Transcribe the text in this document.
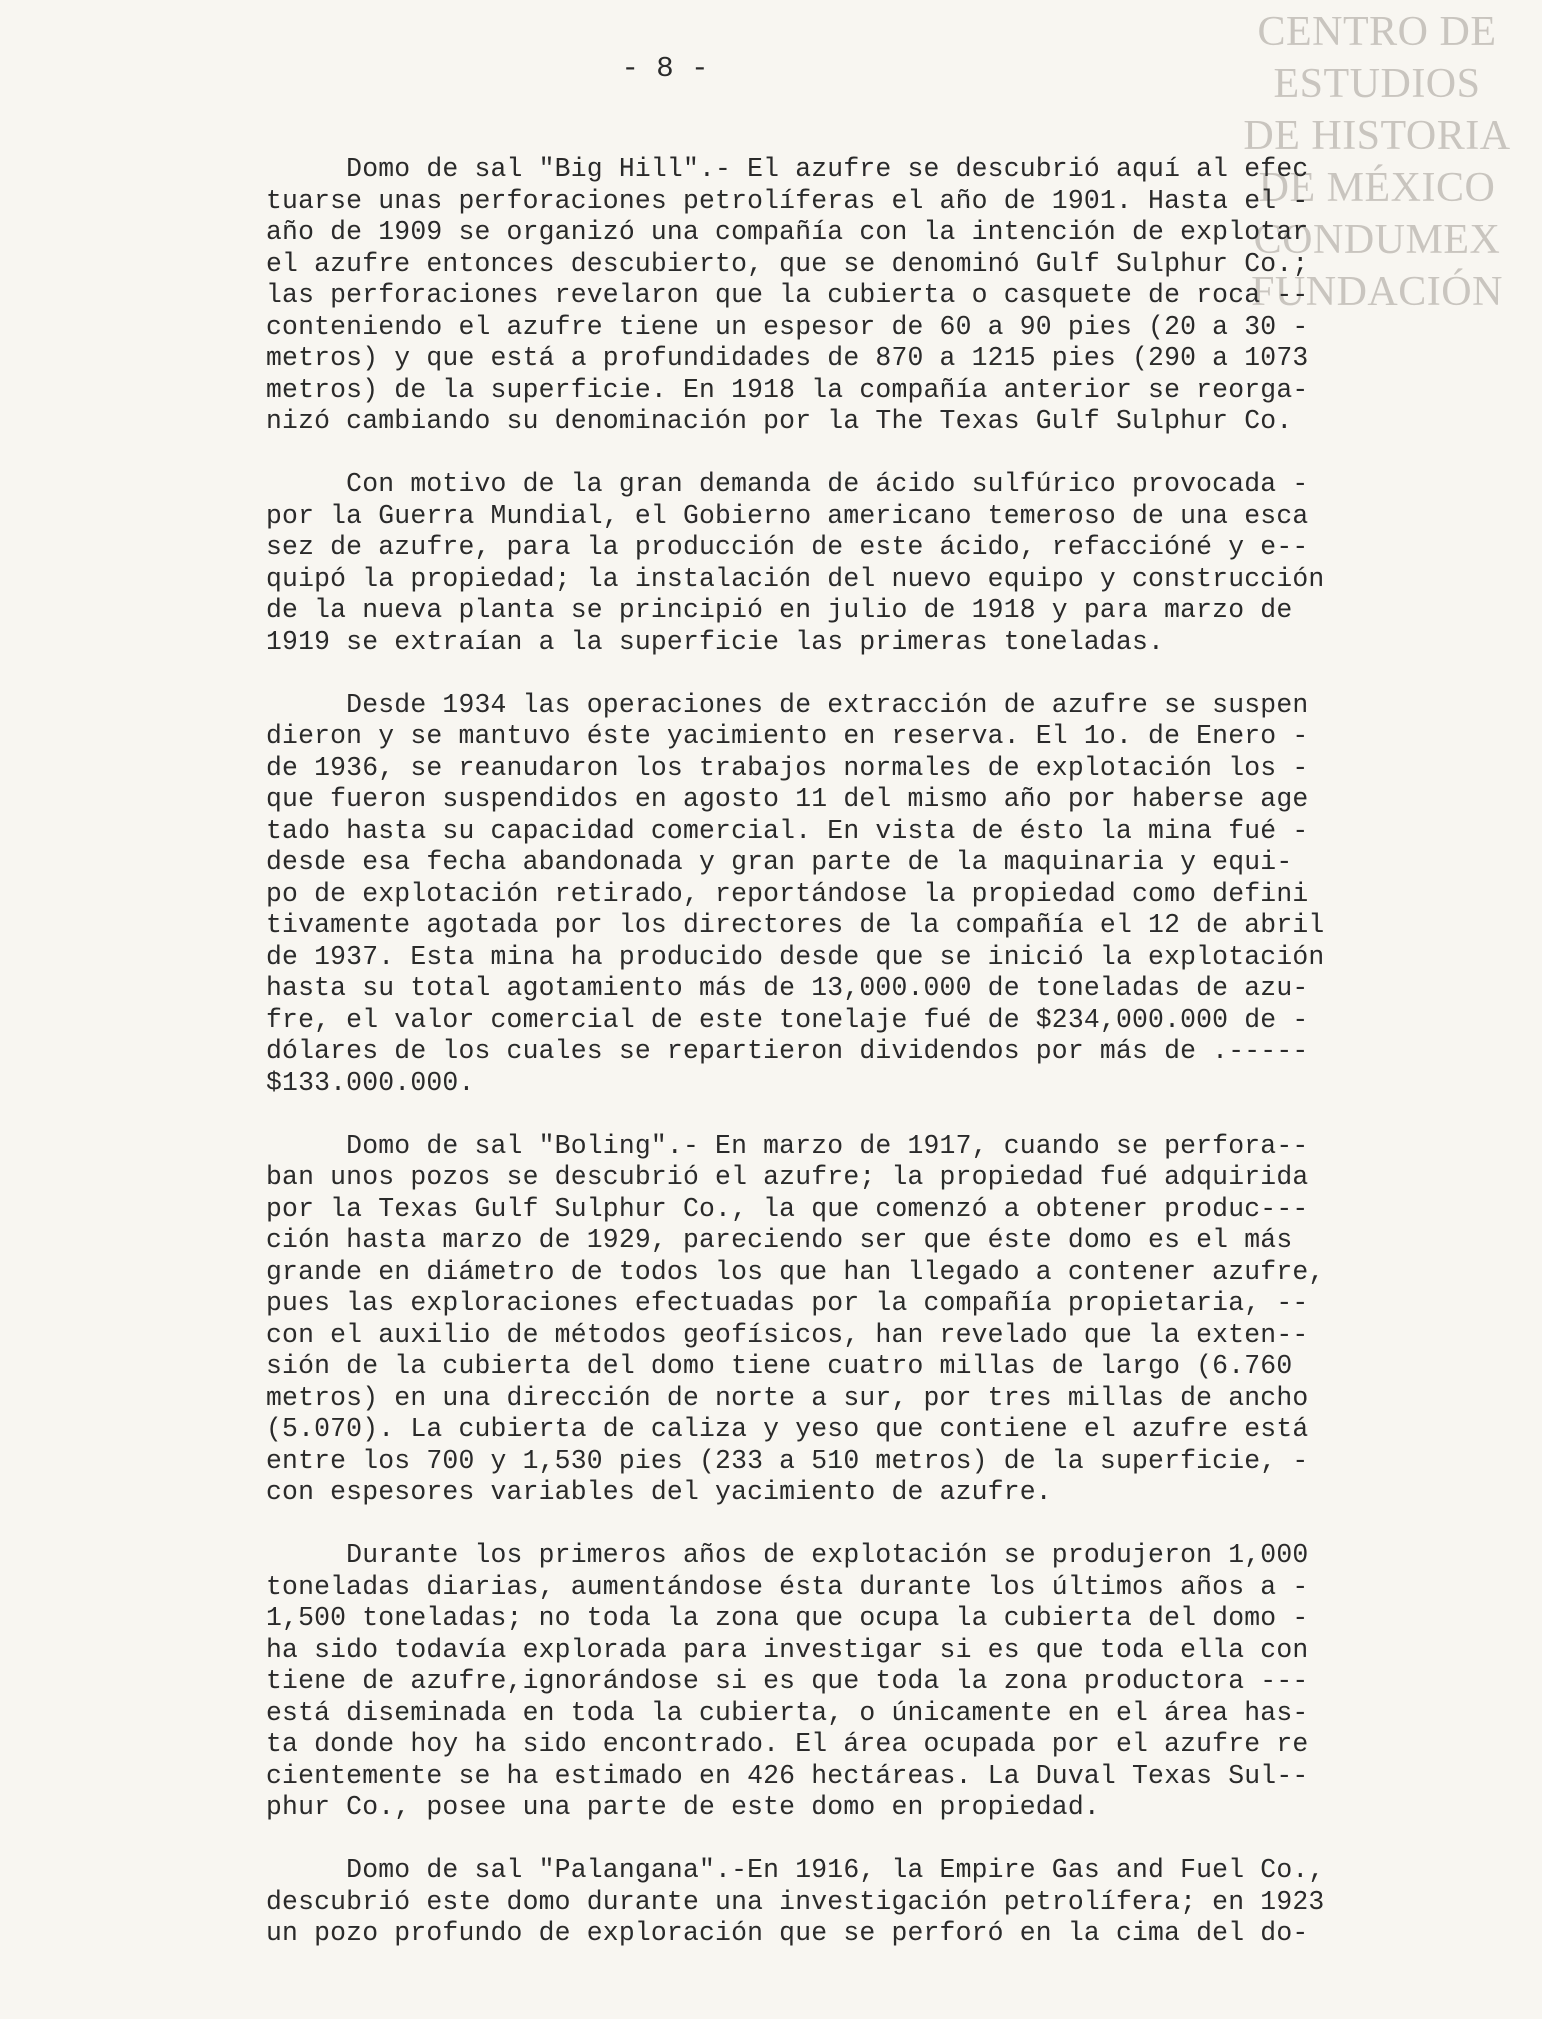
CENTRO DE
ESTUDIOS
DE HISTORIA
DE MÉXICO
CONDUMEX
FUNDACIÓN
- 8 -
Domo de sal "Big Hill".- El azufre se descubrió aquí al efec
tuarse unas perforaciones petrolíferas el año de 1901. Hasta el -
año de 1909 se organizó una compañía con la intención de explotar
el azufre entonces descubierto, que se denominó Gulf Sulphur Co.;
las perforaciones revelaron que la cubierta o casquete de roca --
conteniendo el azufre tiene un espesor de 60 a 90 pies (20 a 30 -
metros) y que está a profundidades de 870 a 1215 pies (290 a 1073
metros) de la superficie. En 1918 la compañía anterior se reorga-
nizó cambiando su denominación por la The Texas Gulf Sulphur Co.
Con motivo de la gran demanda de ácido sulfúrico provocada -
por la Guerra Mundial, el Gobierno americano temeroso de una esca
sez de azufre, para la producción de este ácido, refaccióné y e--
quipó la propiedad; la instalación del nuevo equipo y construcción
de la nueva planta se principió en julio de 1918 y para marzo de
1919 se extraían a la superficie las primeras toneladas.
Desde 1934 las operaciones de extracción de azufre se suspen
dieron y se mantuvo éste yacimiento en reserva. El 1o. de Enero -
de 1936, se reanudaron los trabajos normales de explotación los -
que fueron suspendidos en agosto 11 del mismo año por haberse age
tado hasta su capacidad comercial. En vista de ésto la mina fué -
desde esa fecha abandonada y gran parte de la maquinaria y equi-
po de explotación retirado, reportándose la propiedad como defini
tivamente agotada por los directores de la compañía el 12 de abril
de 1937. Esta mina ha producido desde que se inició la explotación
hasta su total agotamiento más de 13,000.000 de toneladas de azu-
fre, el valor comercial de este tonelaje fué de $234,000.000 de -
dólares de los cuales se repartieron dividendos por más de .-----
$133.000.000.
Domo de sal "Boling".- En marzo de 1917, cuando se perfora--
ban unos pozos se descubrió el azufre; la propiedad fué adquirida
por la Texas Gulf Sulphur Co., la que comenzó a obtener produc---
ción hasta marzo de 1929, pareciendo ser que éste domo es el más
grande en diámetro de todos los que han llegado a contener azufre,
pues las exploraciones efectuadas por la compañía propietaria, --
con el auxilio de métodos geofísicos, han revelado que la exten--
sión de la cubierta del domo tiene cuatro millas de largo (6.760
metros) en una dirección de norte a sur, por tres millas de ancho
(5.070). La cubierta de caliza y yeso que contiene el azufre está
entre los 700 y 1,530 pies (233 a 510 metros) de la superficie, -
con espesores variables del yacimiento de azufre.
Durante los primeros años de explotación se produjeron 1,000
toneladas diarias, aumentándose ésta durante los últimos años a -
1,500 toneladas; no toda la zona que ocupa la cubierta del domo -
ha sido todavía explorada para investigar si es que toda ella con
tiene de azufre,ignorándose si es que toda la zona productora ---
está diseminada en toda la cubierta, o únicamente en el área has-
ta donde hoy ha sido encontrado. El área ocupada por el azufre re
cientemente se ha estimado en 426 hectáreas. La Duval Texas Sul--
phur Co., posee una parte de este domo en propiedad.
Domo de sal "Palangana".-En 1916, la Empire Gas and Fuel Co.,
descubrió este domo durante una investigación petrolífera; en 1923
un pozo profundo de exploración que se perforó en la cima del do-
